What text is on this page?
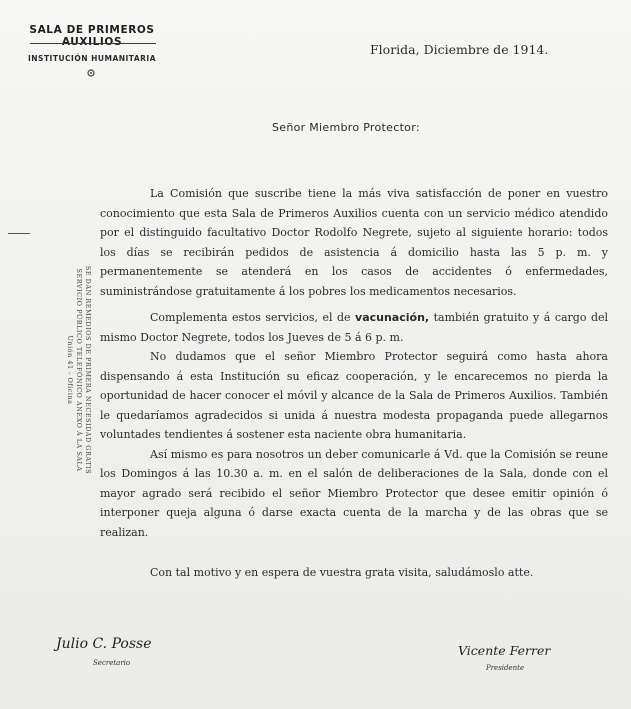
SALA DE PRIMEROS AUXILIOS
INSTITUCIÓN HUMANITARIA
Florida, Diciembre de 1914.
Señor Miembro Protector:
SE DAN REMEDIOS DE PRIMERA NECESIDAD GRATIS
SERVICIO PÚBLICO TELEFÓNICO ANEXO Á LA SALA
Unión 41 - Oficina

La Comisión que suscribe tiene la más viva satisfacción de poner en vuestro conocimiento que esta Sala de Primeros Auxilios cuenta con un servicio médico atendido por el distinguido facultativo Doctor Rodolfo Negrete, sujeto al siguiente horario: todos los días se recibirán pedidos de asistencia á domicilio hasta las 5 p. m. y permanentemente se atenderá en los casos de accidentes ó enfermedades, suministrándose gratuitamente á los pobres los medicamentos necesarios.

Complementa estos servicios, el de vacunación, también gratuito y á cargo del mismo Doctor Negrete, todos los Jueves de 5 á 6 p. m.

No dudamos que el señor Miembro Protector seguirá como hasta ahora dispensando á esta Institución su eficaz cooperación, y le encarecemos no pierda la oportunidad de hacer conocer el móvil y alcance de la Sala de Primeros Auxilios. También le quedaríamos agradecidos si unida á nuestra modesta propaganda puede allegarnos voluntades tendientes á sostener esta naciente obra humanitaria.

Así mismo es para nosotros un deber comunicarle á Vd. que la Comisión se reune los Domingos á las 10.30 a. m. en el salón de deliberaciones de la Sala, donde con el mayor agrado será recibido el señor Miembro Protector que desee emitir opinión ó interponer queja alguna ó darse exacta cuenta de la marcha y de las obras que se realizan.

Con tal motivo y en espera de vuestra grata visita, saludámoslo atte.
Julio C. Posse
Secretario
Vicente Ferrer
Presidente
